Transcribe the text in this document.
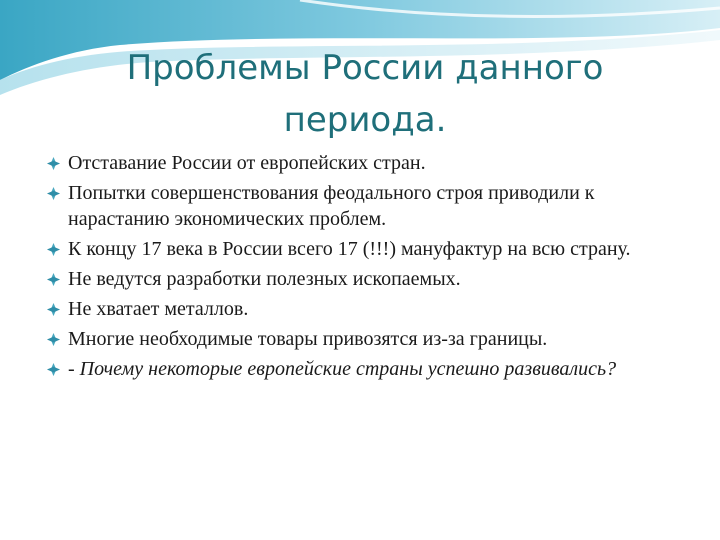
Проблемы России данного периода.
Отставание России от европейских стран.
Попытки совершенствования феодального строя приводили к нарастанию экономических проблем.
К концу 17 века в России всего 17 (!!!) мануфактур на всю страну.
Не ведутся разработки полезных ископаемых.
Не хватает металлов.
Многие необходимые товары привозятся из-за границы.
- Почему некоторые европейские страны успешно развивались?
